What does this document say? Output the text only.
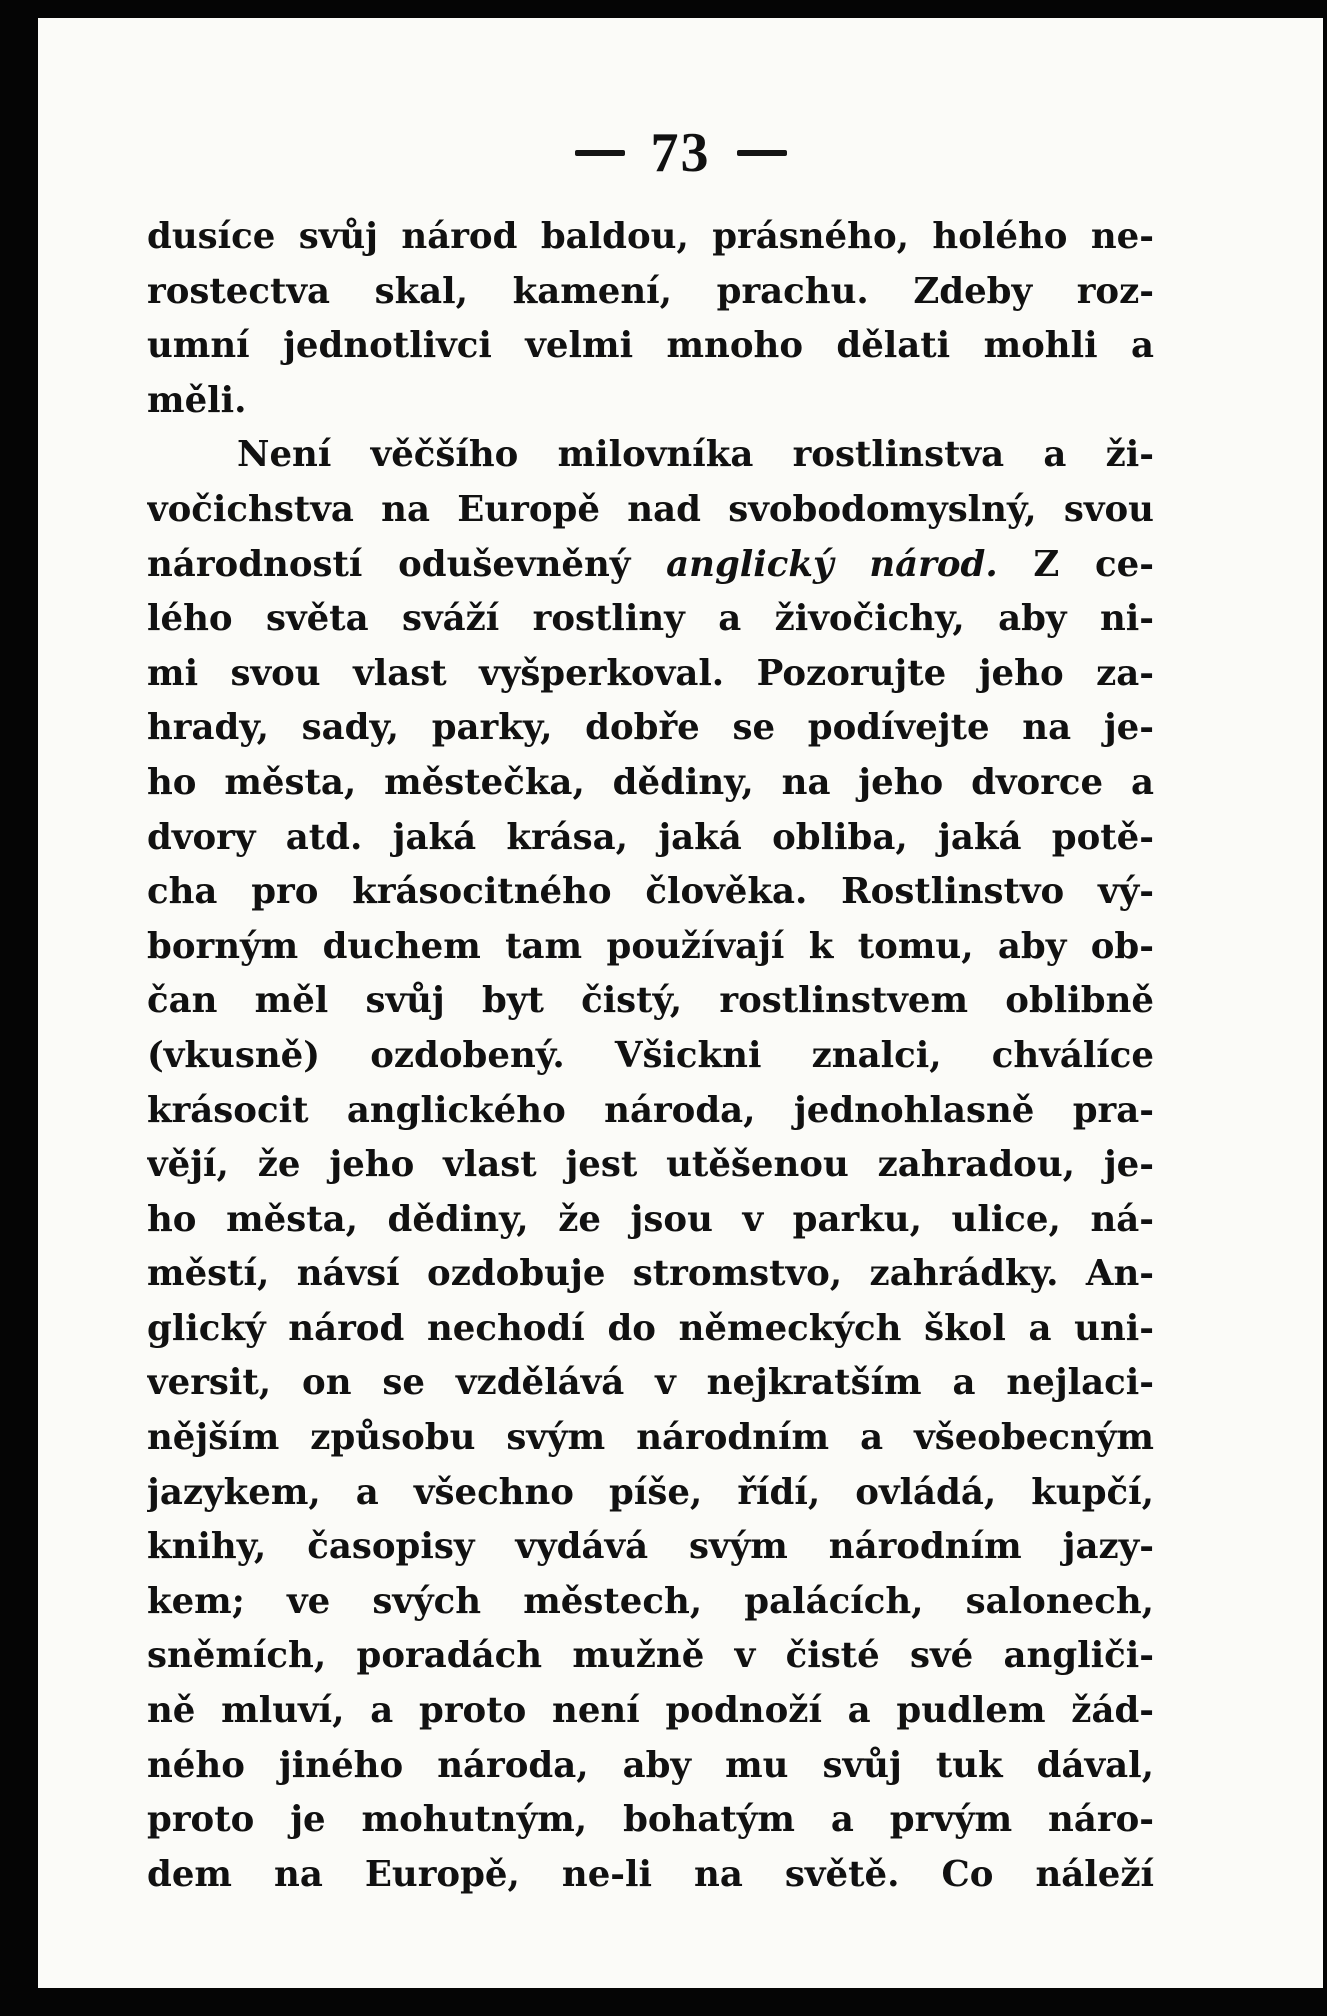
73
dusíce svůj národ baldou, prásného, holého ne-
rostectva skal, kamení, prachu. Zdeby roz-
umní jednotlivci velmi mnoho dělati mohli a
měli.
Není věčšího milovníka rostlinstva a ži-
vočichstva na Europě nad svobodomyslný, svou
národností oduševněný anglický národ. Z ce-
lého světa sváží rostliny a živočichy, aby ni-
mi svou vlast vyšperkoval. Pozorujte jeho za-
hrady, sady, parky, dobře se podívejte na je-
ho města, městečka, dědiny, na jeho dvorce a
dvory atd. jaká krása, jaká obliba, jaká potě-
cha pro krásocitného člověka. Rostlinstvo vý-
borným duchem tam používají k tomu, aby ob-
čan měl svůj byt čistý, rostlinstvem oblibně
(vkusně) ozdobený. Všickni znalci, chválíce
krásocit anglického národa, jednohlasně pra-
vějí, že jeho vlast jest utěšenou zahradou, je-
ho města, dědiny, že jsou v parku, ulice, ná-
městí, návsí ozdobuje stromstvo, zahrádky. An-
glický národ nechodí do německých škol a uni-
versit, on se vzdělává v nejkratším a nejlaci-
nějším způsobu svým národním a všeobecným
jazykem, a všechno píše, řídí, ovládá, kupčí,
knihy, časopisy vydává svým národním jazy-
kem; ve svých městech, palácích, salonech,
sněmích, poradách mužně v čisté své angliči-
ně mluví, a proto není podnoží a pudlem žád-
ného jiného národa, aby mu svůj tuk dával,
proto je mohutným, bohatým a prvým náro-
dem na Europě, ne-li na světě. Co náleží
